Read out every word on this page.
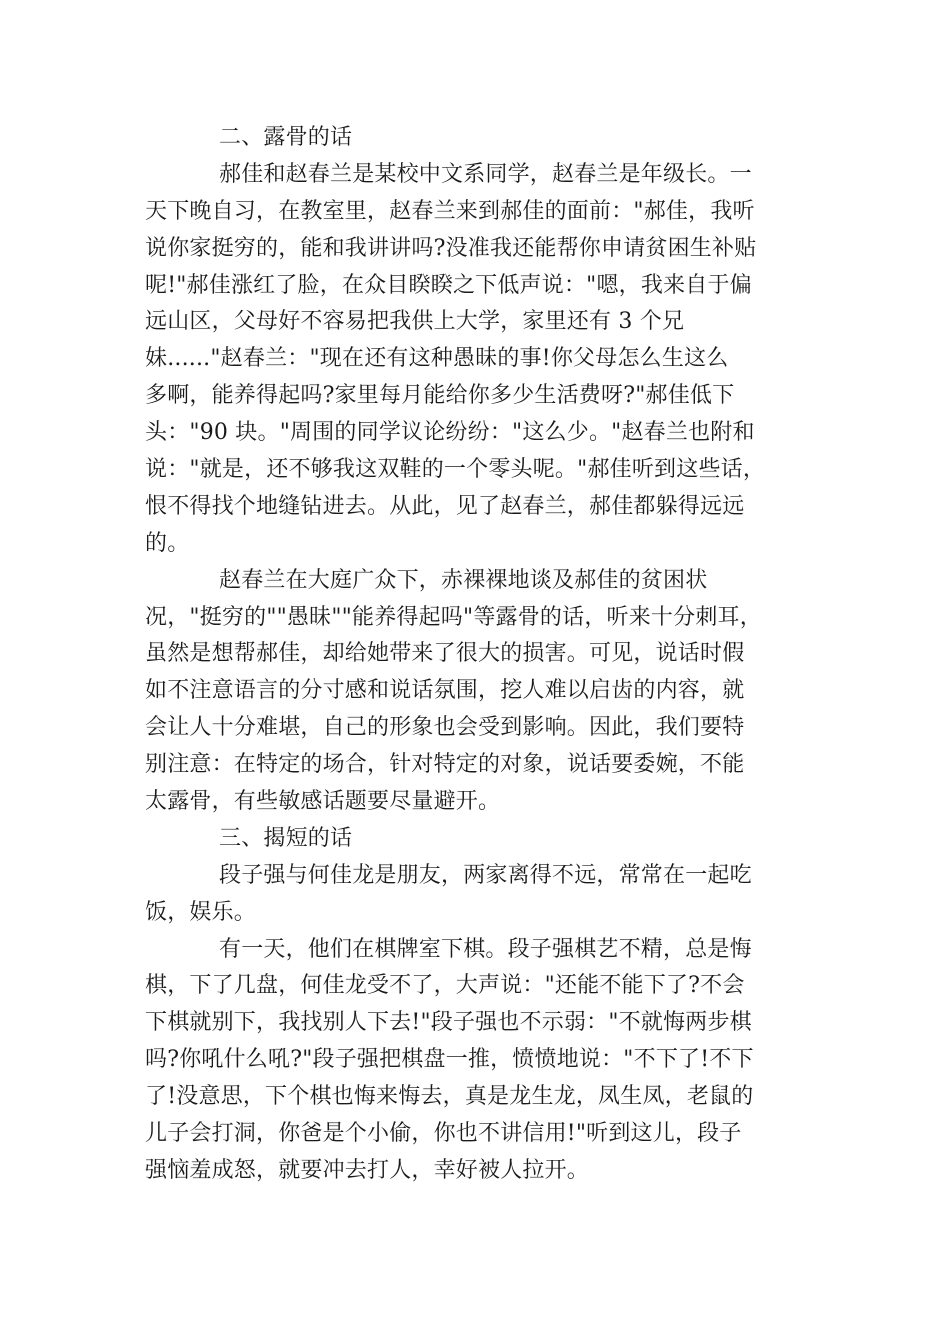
二、露骨的话
郝佳和赵春兰是某校中文系同学，赵春兰是年级长。一
天下晚自习，在教室里，赵春兰来到郝佳的面前："郝佳，我听
说你家挺穷的，能和我讲讲吗?没准我还能帮你申请贫困生补贴
呢!"郝佳涨红了脸，在众目睽睽之下低声说："嗯，我来自于偏
远山区，父母好不容易把我供上大学，家里还有 3 个兄
妹......"赵春兰："现在还有这种愚昧的事!你父母怎么生这么
多啊，能养得起吗?家里每月能给你多少生活费呀?"郝佳低下
头："90 块。"周围的同学议论纷纷："这么少。"赵春兰也附和
说："就是，还不够我这双鞋的一个零头呢。"郝佳听到这些话，
恨不得找个地缝钻进去。从此，见了赵春兰，郝佳都躲得远远
的。
赵春兰在大庭广众下，赤裸裸地谈及郝佳的贫困状
况，"挺穷的""愚昧""能养得起吗"等露骨的话，听来十分刺耳，
虽然是想帮郝佳，却给她带来了很大的损害。可见，说话时假
如不注意语言的分寸感和说话氛围，挖人难以启齿的内容，就
会让人十分难堪，自己的形象也会受到影响。因此，我们要特
别注意：在特定的场合，针对特定的对象，说话要委婉，不能
太露骨，有些敏感话题要尽量避开。
三、揭短的话
段子强与何佳龙是朋友，两家离得不远，常常在一起吃
饭，娱乐。
有一天，他们在棋牌室下棋。段子强棋艺不精，总是悔
棋，下了几盘，何佳龙受不了，大声说："还能不能下了?不会
下棋就别下，我找别人下去!"段子强也不示弱："不就悔两步棋
吗?你吼什么吼?"段子强把棋盘一推，愤愤地说："不下了!不下
了!没意思，下个棋也悔来悔去，真是龙生龙，凤生凤，老鼠的
儿子会打洞，你爸是个小偷，你也不讲信用!"听到这儿，段子
强恼羞成怒，就要冲去打人，幸好被人拉开。
